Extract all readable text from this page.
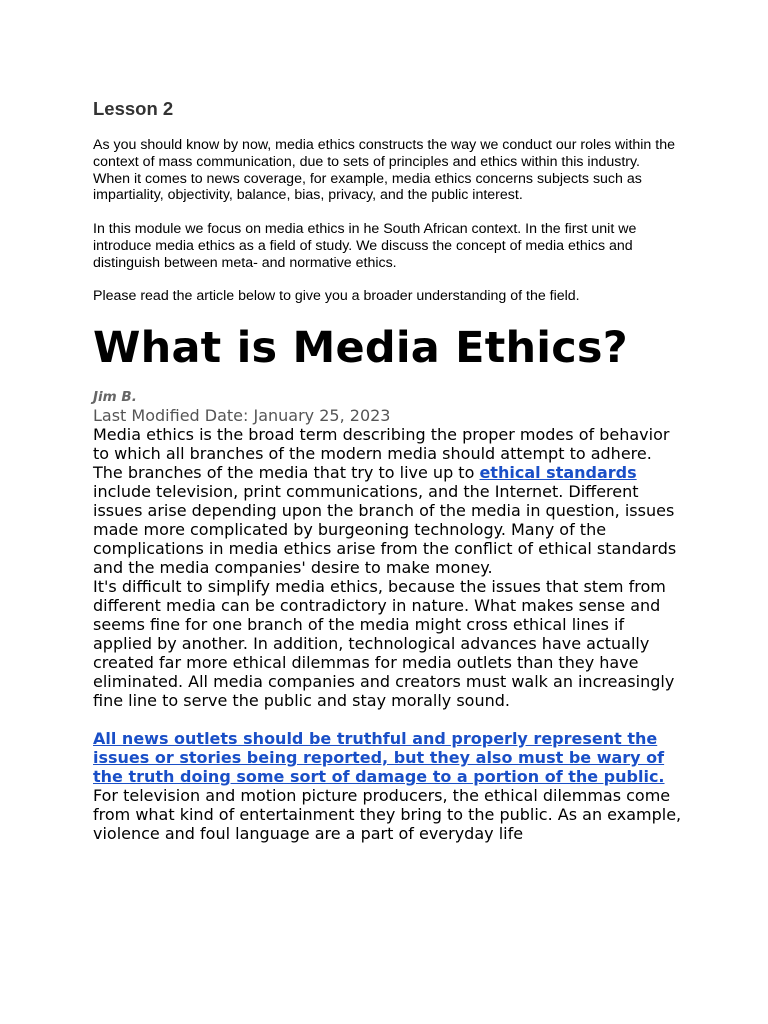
Lesson 2

As you should know by now, media ethics constructs the way we conduct our roles within the context of mass communication, due to sets of principles and ethics within this industry. When it comes to news coverage, for example, media ethics concerns subjects such as impartiality, objectivity, balance, bias, privacy, and the public interest.

In this module we focus on media ethics in he South African context. In the first unit we introduce media ethics as a field of study. We discuss the concept of media ethics and distinguish between meta- and normative ethics.

Please read the article below to give you a broader understanding of the field.

What is Media Ethics?
Jim B.
Last Modified Date: January 25, 2023

Media ethics is the broad term describing the proper modes of behavior to which all branches of the modern media should attempt to adhere. The branches of the media that try to live up to ethical standards include television, print communications, and the Internet. Different issues arise depending upon the branch of the media in question, issues made more complicated by burgeoning technology. Many of the complications in media ethics arise from the conflict of ethical standards and the media companies' desire to make money.

It's difficult to simplify media ethics, because the issues that stem from different media can be contradictory in nature. What makes sense and seems fine for one branch of the media might cross ethical lines if applied by another. In addition, technological advances have actually created far more ethical dilemmas for media outlets than they have eliminated. All media companies and creators must walk an increasingly fine line to serve the public and stay morally sound.

All news outlets should be truthful and properly represent the issues or stories being reported, but they also must be wary of the truth doing some sort of damage to a portion of the public.

For television and motion picture producers, the ethical dilemmas come from what kind of entertainment they bring to the public. As an example, violence and foul language are a part of everyday life
